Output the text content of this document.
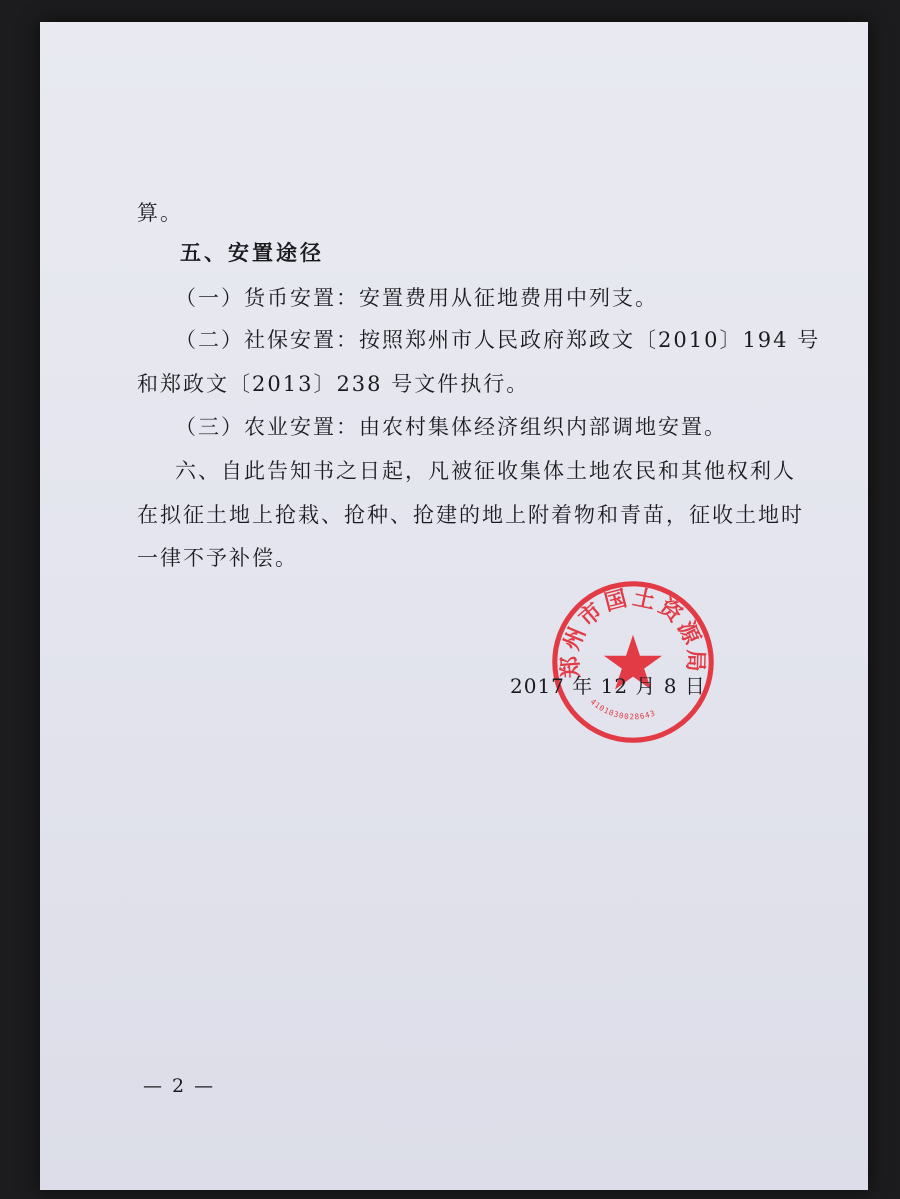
算。
五、安置途径
（一）货币安置：安置费用从征地费用中列支。
（二）社保安置：按照郑州市人民政府郑政文〔2010〕194 号
和郑政文〔2013〕238 号文件执行。
（三）农业安置：由农村集体经济组织内部调地安置。
六、自此告知书之日起，凡被征收集体土地农民和其他权利人
在拟征土地上抢栽、抢种、抢建的地上附着物和青苗，征收土地时
一律不予补偿。
郑州市国土资源局
4101030028643
2017 年 12 月 8 日
— 2 —
